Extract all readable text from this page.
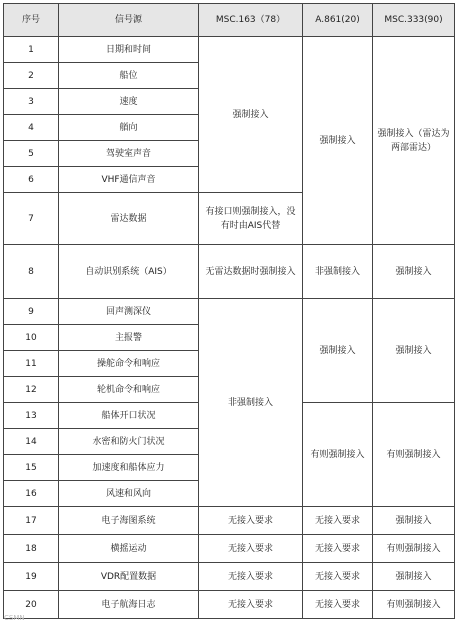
序号	信号源	MSC.163（78）	A.861(20)	MSC.333(90)
1	日期和时间	强制接入	强制接入	强制接入（雷达为两部雷达）
2	船位			
3	速度			
4	艏向			
5	驾驶室声音			
6	VHF通信声音			
7	雷达数据	有接口则强制接入，没有时由AIS代替		
8	自动识别系统（AIS）	无雷达数据时强制接入	非强制接入	强制接入
9	回声测深仪	非强制接入	强制接入	强制接入
10	主报警			
11	操舵命令和响应			
12	轮机命令和响应			
13	船体开口状况		有则强制接入	有则强制接入
14	水密和防火门状况			
15	加速度和船体应力			
16	风速和风向			
17	电子海图系统	无接入要求	无接入要求	强制接入
18	横摇运动	无接入要求	无接入要求	有则强制接入
19	VDR配置数据	无接入要求	无接入要求	强制接入
20	电子航海日志	无接入要求	无接入要求	有则强制接入
CSMN
